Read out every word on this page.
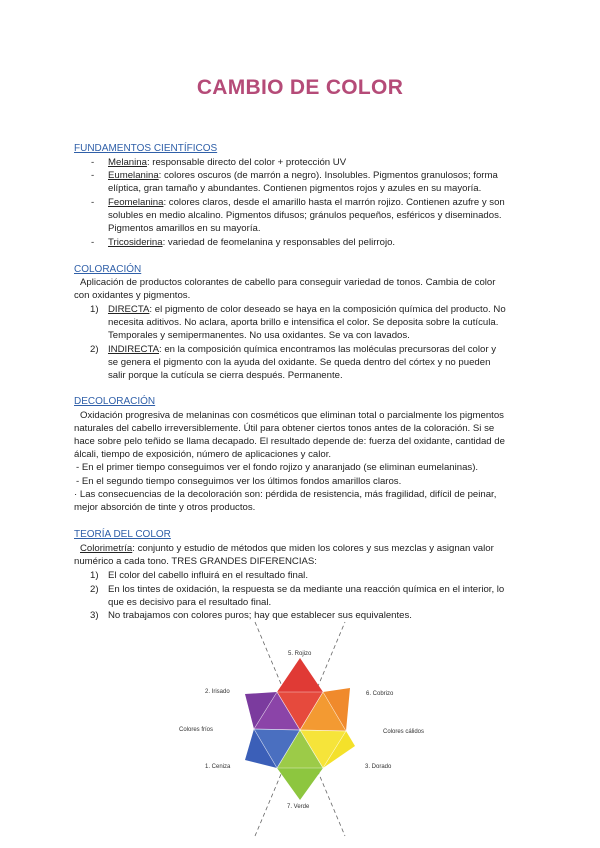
CAMBIO DE COLOR
FUNDAMENTOS CIENTÍFICOS
- Melanina: responsable directo del color + protección UV
- Eumelanina: colores oscuros (de marrón a negro). Insolubles. Pigmentos granulosos; forma
elíptica, gran tamaño y abundantes. Contienen pigmentos rojos y azules en su mayoría.
- Feomelanina: colores claros, desde el amarillo hasta el marrón rojizo. Contienen azufre y son
solubles en medio alcalino. Pigmentos difusos; gránulos pequeños, esféricos y diseminados.
Pigmentos amarillos en su mayoría.
- Tricosiderina: variedad de feomelanina y responsables del pelirrojo.
COLORACIÓN
Aplicación de productos colorantes de cabello para conseguir variedad de tonos. Cambia de color
con oxidantes y pigmentos.
1) DIRECTA: el pigmento de color deseado se haya en la composición química del producto. No
necesita aditivos. No aclara, aporta brillo e intensifica el color. Se deposita sobre la cutícula.
Temporales y semipermanentes. No usa oxidantes. Se va con lavados.
2) INDIRECTA: en la composición química encontramos las moléculas precursoras del color y
se genera el pigmento con la ayuda del oxidante. Se queda dentro del córtex y no pueden
salir porque la cutícula se cierra después. Permanente.
DECOLORACIÓN
Oxidación progresiva de melaninas con cosméticos que eliminan total o parcialmente los pigmentos
naturales del cabello irreversiblemente. Útil para obtener ciertos tonos antes de la coloración. Si se
hace sobre pelo teñido se llama decapado. El resultado depende de: fuerza del oxidante, cantidad de
álcali, tiempo de exposición, número de aplicaciones y calor.
- En el primer tiempo conseguimos ver el fondo rojizo y anaranjado (se eliminan eumelaninas).
- En el segundo tiempo conseguimos ver los últimos fondos amarillos claros.
· Las consecuencias de la decoloración son: pérdida de resistencia, más fragilidad, difícil de peinar,
mejor absorción de tinte y otros productos.
TEORÍA DEL COLOR
Colorimetría: conjunto y estudio de métodos que miden los colores y sus mezclas y asignan valor
numérico a cada tono. TRES GRANDES DIFERENCIAS:
1) El color del cabello influirá en el resultado final.
2) En los tintes de oxidación, la respuesta se da mediante una reacción química en el interior, lo
que es decisivo para el resultado final.
3) No trabajamos con colores puros; hay que establecer sus equivalentes.
5. Rojizo
6. Cobrizo
2. Irisado
Colores fríos	Colores cálidos
1. Ceniza	3. Dorado
7. Verde
